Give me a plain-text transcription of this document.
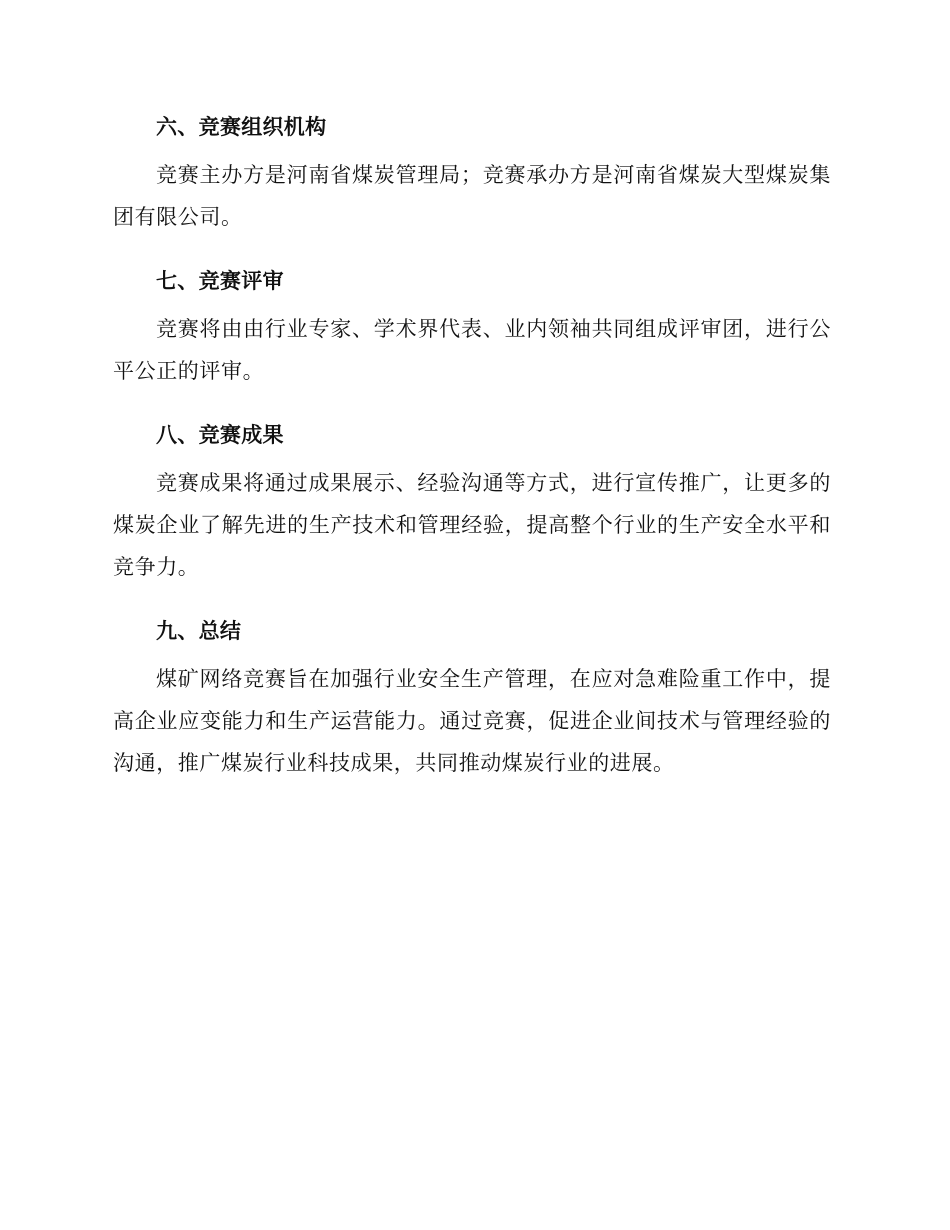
六、竞赛组织机构

竞赛主办方是河南省煤炭管理局；竞赛承办方是河南省煤炭大型煤炭集团有限公司。

七、竞赛评审

竞赛将由由行业专家、学术界代表、业内领袖共同组成评审团，进行公平公正的评审。

八、竞赛成果

竞赛成果将通过成果展示、经验沟通等方式，进行宣传推广，让更多的煤炭企业了解先进的生产技术和管理经验，提高整个行业的生产安全水平和竞争力。

九、总结

煤矿网络竞赛旨在加强行业安全生产管理，在应对急难险重工作中，提高企业应变能力和生产运营能力。通过竞赛，促进企业间技术与管理经验的沟通，推广煤炭行业科技成果，共同推动煤炭行业的进展。
